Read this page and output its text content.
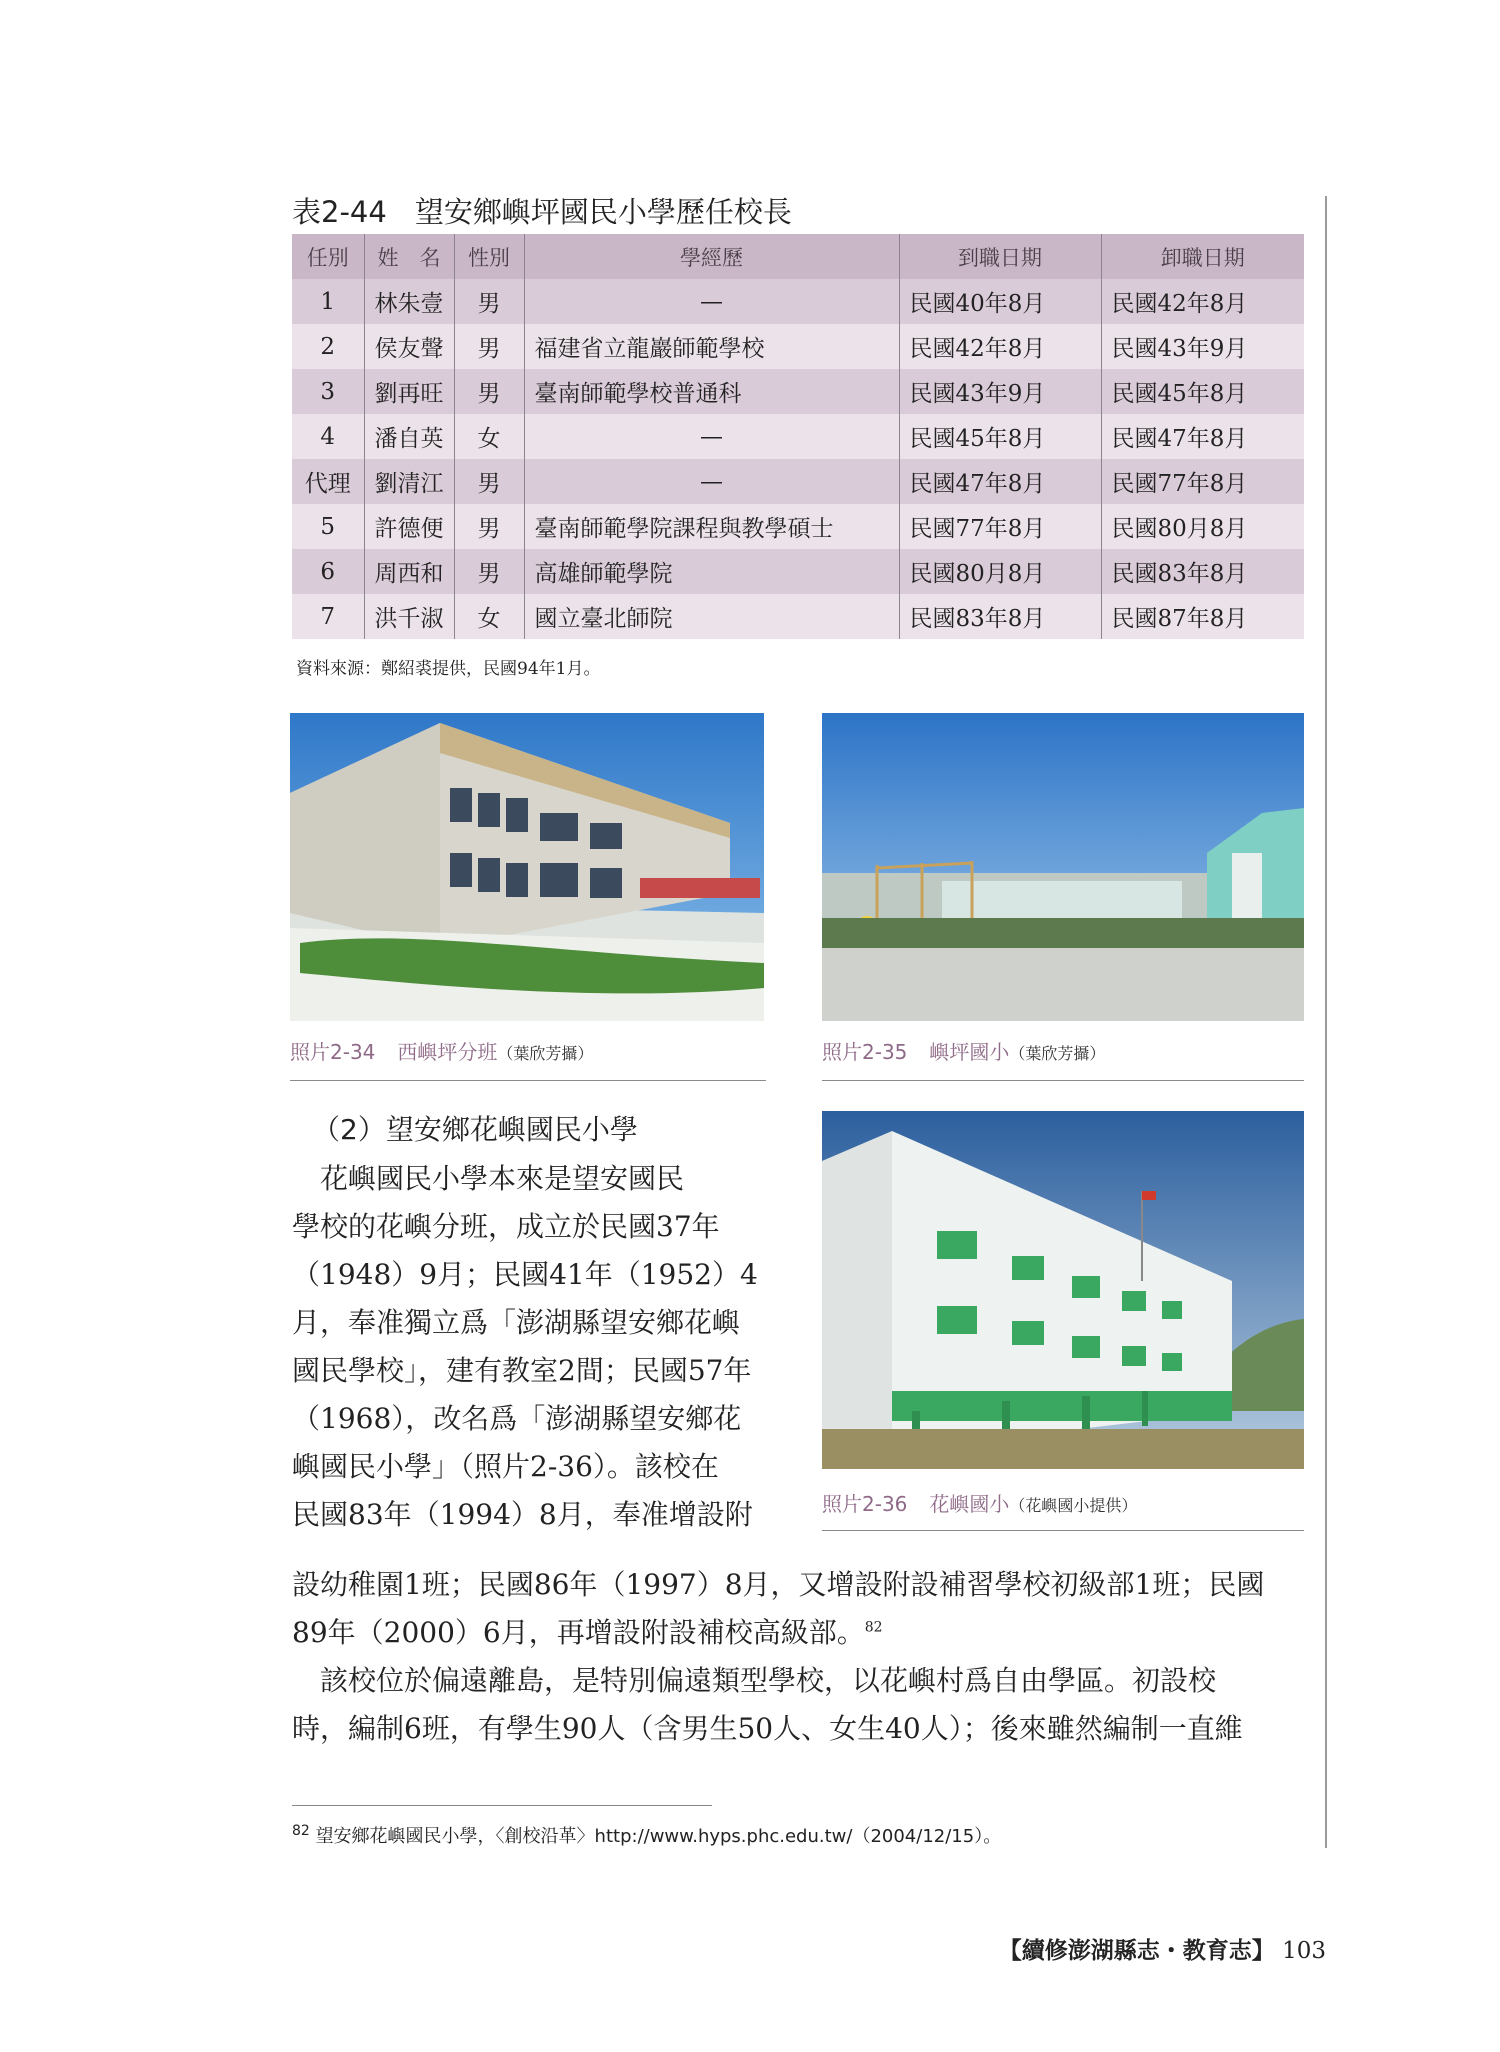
表2-44 望安鄉嶼坪國民小學歷任校長
任別	姓　名	性別	學經歷	到職日期	卸職日期
1	林朱壹	男	—	民國40年8月	民國42年8月
2	侯友聲	男	福建省立龍巖師範學校	民國42年8月	民國43年9月
3	劉再旺	男	臺南師範學校普通科	民國43年9月	民國45年8月
4	潘自英	女	—	民國45年8月	民國47年8月
代理	劉清江	男	—	民國47年8月	民國77年8月
5	許德便	男	臺南師範學院課程與教學碩士	民國77年8月	民國80月8月
6	周西和	男	高雄師範學院	民國80月8月	民國83年8月
7	洪千淑	女	國立臺北師院	民國83年8月	民國87年8月
資料來源：鄭紹裘提供，民國94年1月。
照片2-34 西嶼坪分班（葉欣芳攝）	照片2-35 嶼坪國小（葉欣芳攝）
（2）望安鄉花嶼國民小學
　花嶼國民小學本來是望安國民
學校的花嶼分班，成立於民國37年
（1948）9月；民國41年（1952）4
月，奉准獨立爲「澎湖縣望安鄉花嶼
國民學校」，建有教室2間；民國57年
（1968），改名爲「澎湖縣望安鄉花
嶼國民小學」（照片2-36）。該校在
民國83年（1994）8月，奉准增設附	照片2-36 花嶼國小（花嶼國小提供）
設幼稚園1班；民國86年（1997）8月，又增設附設補習學校初級部1班；民國
89年（2000）6月，再增設附設補校高級部。$^{82}$
　該校位於偏遠離島，是特別偏遠類型學校，以花嶼村爲自由學區。初設校
時，編制6班，有學生90人（含男生50人、女生40人）；後來雖然編制一直維
$^{82}$ 望安鄉花嶼國民小學，〈創校沿革〉http://www.hyps.phc.edu.tw/（2004/12/15）。
【續修澎湖縣志・教育志】 103
